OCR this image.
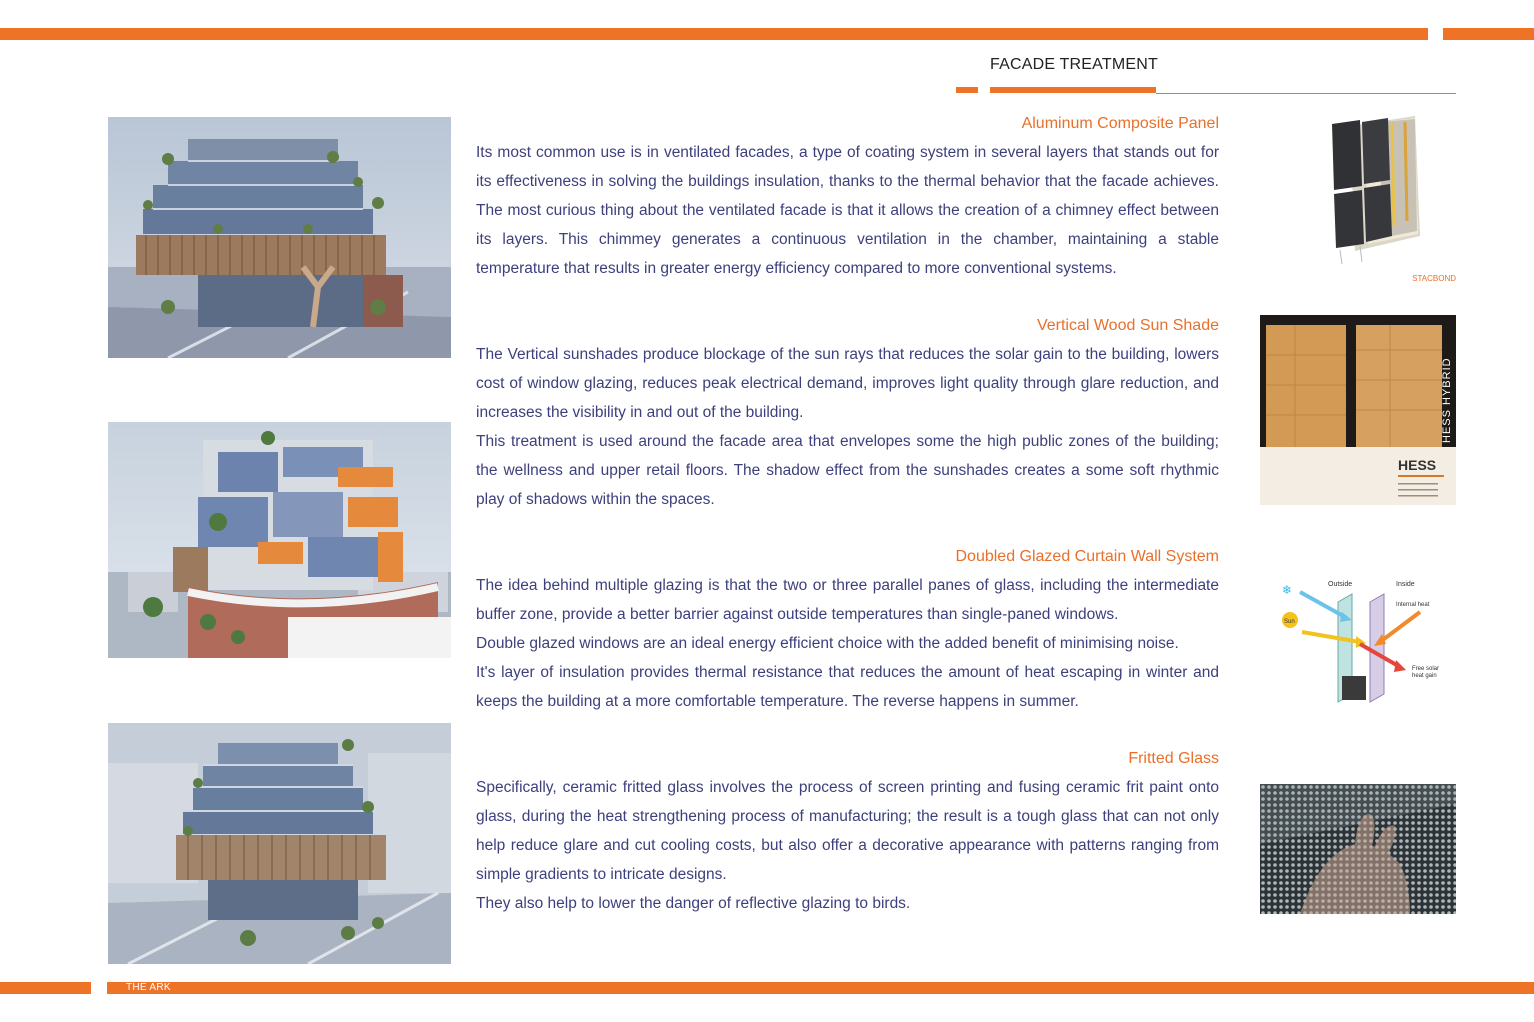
THE ARK
FACADE TREATMENT
Aluminum Composite Panel

Its most common use is in ventilated facades, a type of coating system in several layers that stands out for its effectiveness in solving the buildings insulation, thanks to the thermal behavior that the facade achieves. The most curious thing about the ventilated facade is that it allows the creation of a chimney effect between its layers. This chimmey generates a continuous ventilation in the chamber, maintaining a stable temperature that results in greater energy efficiency compared to more conventional systems.

STACBOND
Vertical Wood Sun Shade

The Vertical sunshades produce blockage of the sun rays that reduces the solar gain to the building, lowers cost of window glazing, reduces peak electrical demand, improves light quality through glare reduction, and increases the visibility in and out of the building.

This treatment is used around the facade area that envelopes some the high public zones of the building; the wellness and upper retail floors. The shadow effect from the sunshades creates a some soft rhythmic play of shadows within the spaces.

HESS HYBRID
HESS
Doubled Glazed Curtain Wall System

The idea behind multiple glazing is that the two or three parallel panes of glass, including the intermediate buffer zone, provide a better barrier against outside temperatures than single-paned windows.

Double glazed windows are an ideal energy efficient choice with the added benefit of minimising noise.

It's layer of insulation provides thermal resistance that reduces the amount of heat escaping in winter and keeps the building at a more comfortable temperature. The reverse happens in summer.

Outside	Inside
❄
Sun
Internal heat
Free solar
heat gain
Fritted Glass

Specifically, ceramic fritted glass involves the process of screen printing and fusing ceramic frit paint onto glass, during the heat strengthening process of manufacturing; the result is a tough glass that can not only help reduce glare and cut cooling costs, but also offer a decorative appearance with patterns ranging from simple gradients to intricate designs.

They also help to lower the danger of reflective glazing to birds.
